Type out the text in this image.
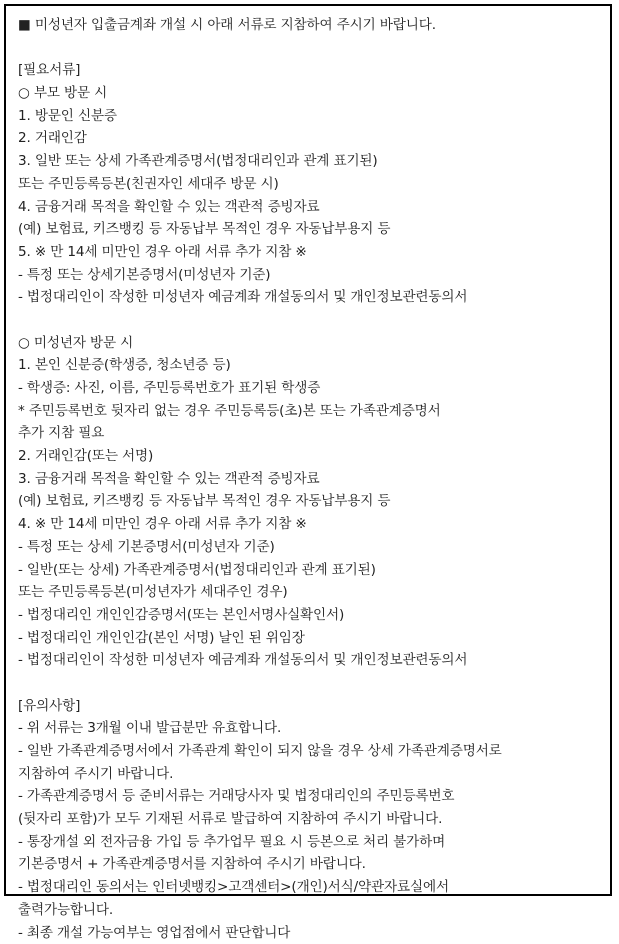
■ 미성년자 입출금계좌 개설 시 아래 서류로 지참하여 주시기 바랍니다.
[필요서류]
○ 부모 방문 시
1. 방문인 신분증
2. 거래인감
3. 일반 또는 상세 가족관계증명서(법정대리인과 관계 표기된)
또는 주민등록등본(친권자인 세대주 방문 시)
4. 금융거래 목적을 확인할 수 있는 객관적 증빙자료
(예) 보험료, 키즈뱅킹 등 자동납부 목적인 경우 자동납부용지 등
5. ※ 만 14세 미만인 경우 아래 서류 추가 지참 ※
- 특정 또는 상세기본증명서(미성년자 기준)
- 법정대리인이 작성한 미성년자 예금계좌 개설동의서 및 개인정보관련동의서
○ 미성년자 방문 시
1. 본인 신분증(학생증, 청소년증 등)
- 학생증: 사진, 이름, 주민등록번호가 표기된 학생증
* 주민등록번호 뒷자리 없는 경우 주민등록등(초)본 또는 가족관계증명서
추가 지참 필요
2. 거래인감(또는 서명)
3. 금융거래 목적을 확인할 수 있는 객관적 증빙자료
(예) 보험료, 키즈뱅킹 등 자동납부 목적인 경우 자동납부용지 등
4. ※ 만 14세 미만인 경우 아래 서류 추가 지참 ※
- 특정 또는 상세 기본증명서(미성년자 기준)
- 일반(또는 상세) 가족관계증명서(법정대리인과 관계 표기된)
또는 주민등록등본(미성년자가 세대주인 경우)
- 법정대리인 개인인감증명서(또는 본인서명사실확인서)
- 법정대리인 개인인감(본인 서명) 날인 된 위임장
- 법정대리인이 작성한 미성년자 예금계좌 개설동의서 및 개인정보관련동의서
[유의사항]
- 위 서류는 3개월 이내 발급분만 유효합니다.
- 일반 가족관계증명서에서 가족관계 확인이 되지 않을 경우 상세 가족관계증명서로
지참하여 주시기 바랍니다.
- 가족관계증명서 등 준비서류는 거래당사자 및 법정대리인의 주민등록번호
(뒷자리 포함)가 모두 기재된 서류로 발급하여 지참하여 주시기 바랍니다.
- 통장개설 외 전자금융 가입 등 추가업무 필요 시 등본으로 처리 불가하며
기본증명서 + 가족관계증명서를 지참하여 주시기 바랍니다.
- 법정대리인 동의서는 인터넷뱅킹>고객센터>(개인)서식/약관자료실에서
출력가능합니다.
- 최종 개설 가능여부는 영업점에서 판단합니다
